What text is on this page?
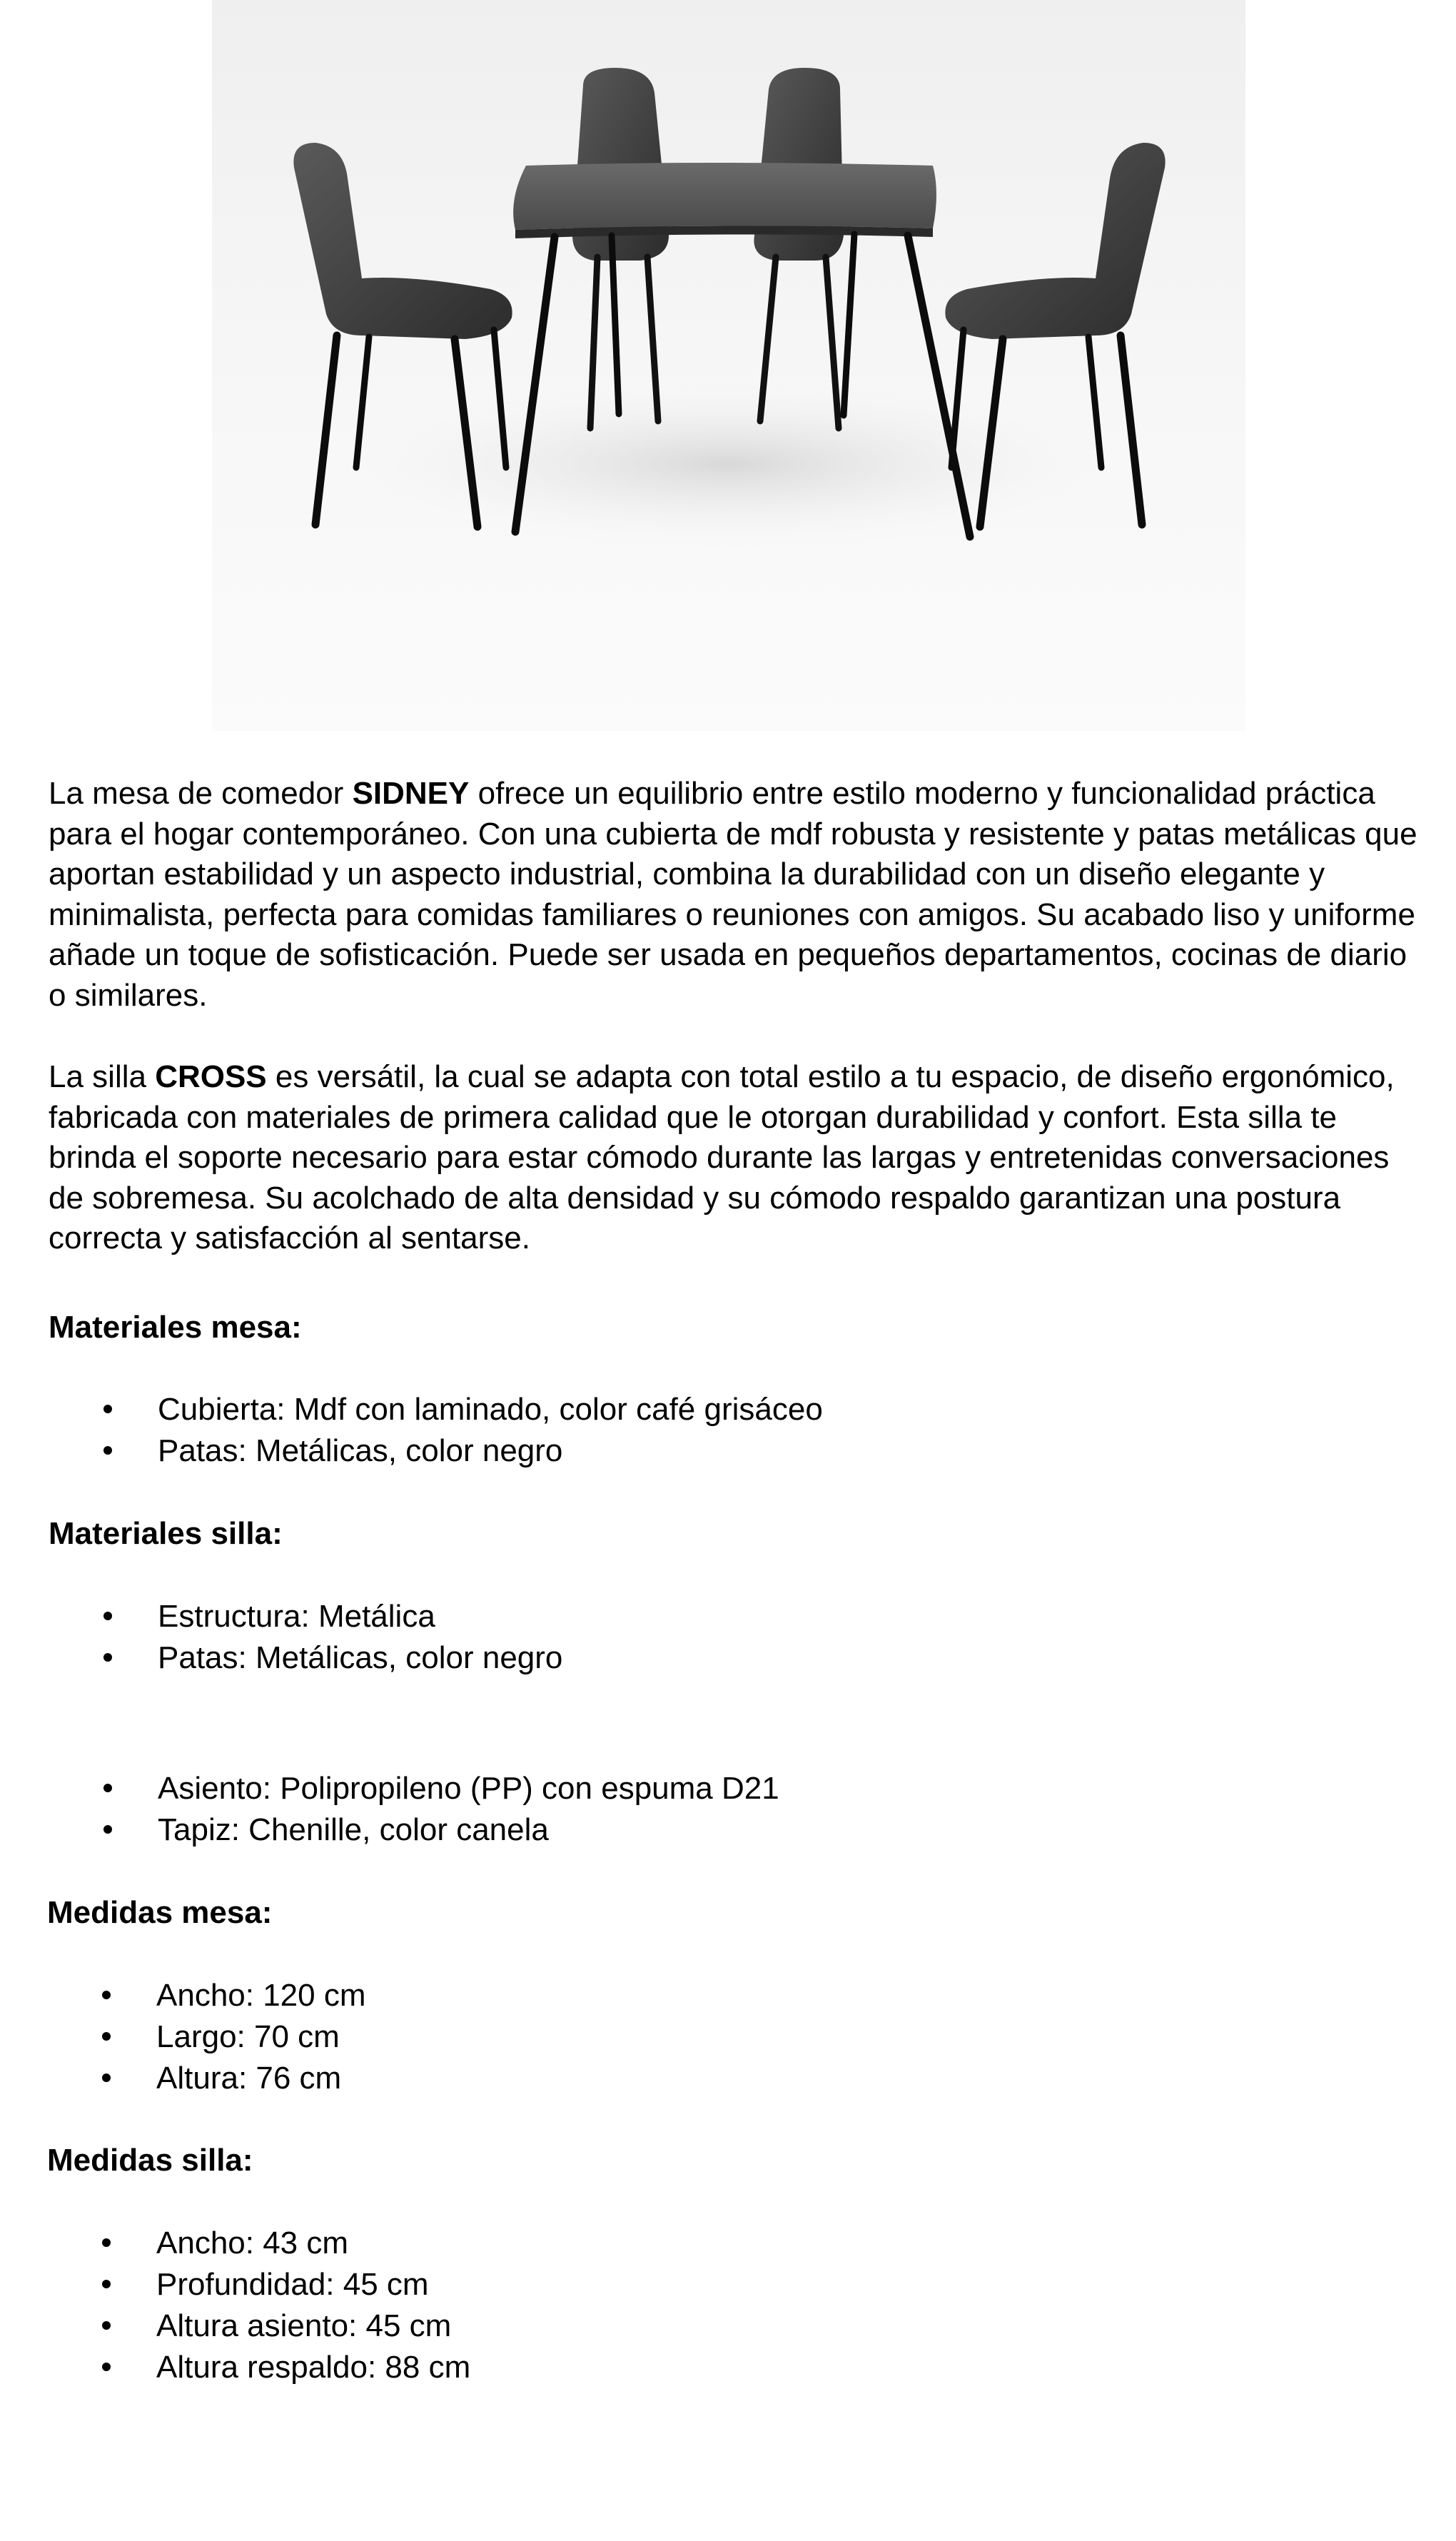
La mesa de comedor SIDNEY ofrece un equilibrio entre estilo moderno y funcionalidad práctica para el hogar contemporáneo. Con una cubierta de mdf robusta y resistente y patas metálicas que aportan estabilidad y un aspecto industrial, combina la durabilidad con un diseño elegante y minimalista, perfecta para comidas familiares o reuniones con amigos. Su acabado liso y uniforme añade un toque de sofisticación. Puede ser usada en pequeños departamentos, cocinas de diario o similares.

La silla CROSS es versátil, la cual se adapta con total estilo a tu espacio, de diseño ergonómico, fabricada con materiales de primera calidad que le otorgan durabilidad y confort. Esta silla te brinda el soporte necesario para estar cómodo durante las largas y entretenidas conversaciones de sobremesa. Su acolchado de alta densidad y su cómodo respaldo garantizan una postura correcta y satisfacción al sentarse.

Materiales mesa:
Cubierta: Mdf con laminado, color café grisáceo
Patas: Metálicas, color negro
Materiales silla:
Estructura: Metálica
Patas: Metálicas, color negro
Asiento: Polipropileno (PP) con espuma D21
Tapiz: Chenille, color canela
Medidas mesa:
Ancho: 120 cm
Largo: 70 cm
Altura: 76 cm
Medidas silla:
Ancho: 43 cm
Profundidad: 45 cm
Altura asiento: 45 cm
Altura respaldo: 88 cm
